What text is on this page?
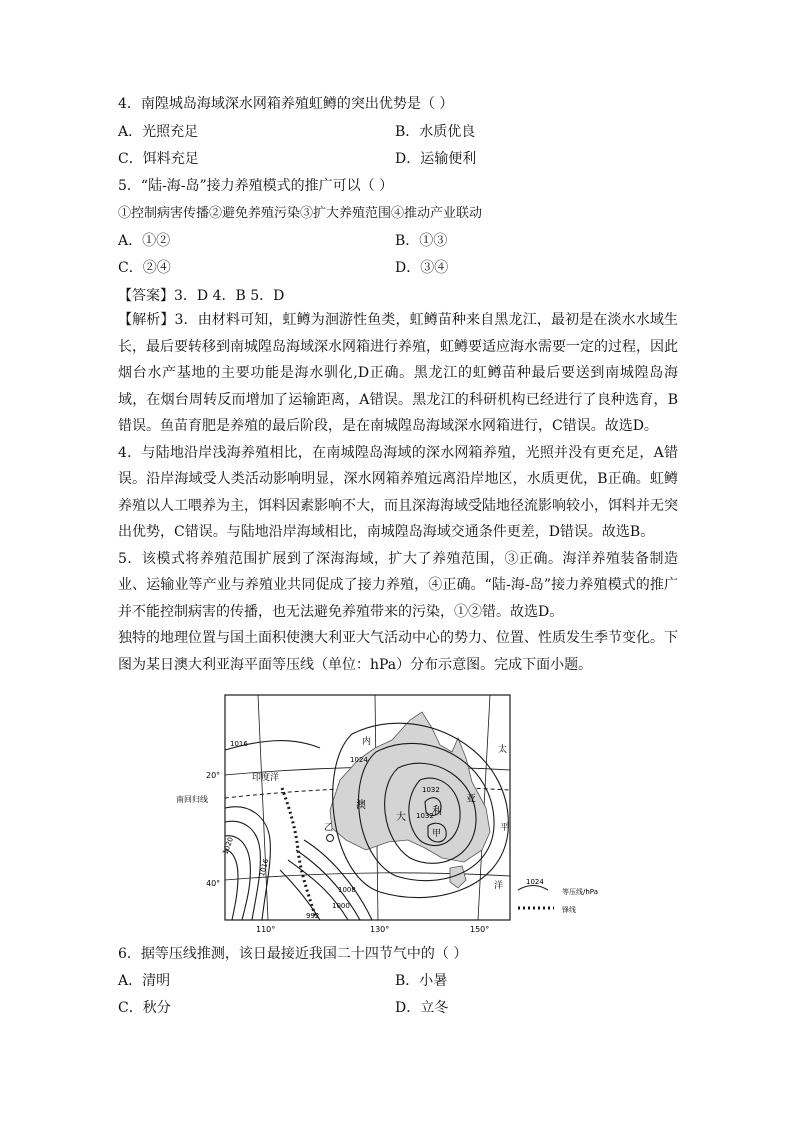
4．南隍城岛海域深水网箱养殖虹鳟的突出优势是（ ）
A．光照充足	B．水质优良
C．饵料充足	D．运输便利
5．“陆-海-岛”接力养殖模式的推广可以（ ）
①控制病害传播②避免养殖污染③扩大养殖范围④推动产业联动
A．①②	B．①③
C．②④	D．③④
【答案】3．D 4．B 5．D

【解析】3．由材料可知，虹鳟为洄游性鱼类，虹鳟苗种来自黑龙江，最初是在淡水水域生长，最后要转移到南城隍岛海域深水网箱进行养殖，虹鳟要适应海水需要一定的过程，因此烟台水产基地的主要功能是海水驯化,D正确。黑龙江的虹鳟苗种最后要送到南城隍岛海域，在烟台周转反而增加了运输距离，A错误。黑龙江的科研机构已经进行了良种选育，B错误。鱼苗育肥是养殖的最后阶段，是在南城隍岛海域深水网箱进行，C错误。故选D。

4．与陆地沿岸浅海养殖相比，在南城隍岛海域的深水网箱养殖，光照并没有更充足，A错误。沿岸海域受人类活动影响明显，深水网箱养殖远离沿岸地区，水质更优，B正确。虹鳟养殖以人工喂养为主，饵料因素影响不大，而且深海海域受陆地径流影响较小，饵料并无突出优势，C错误。与陆地沿岸海域相比，南城隍岛海域交通条件更差，D错误。故选B。

5．该模式将养殖范围扩展到了深海海域，扩大了养殖范围，③正确。海洋养殖装备制造业、运输业等产业与养殖业共同促成了接力养殖，④正确。“陆-海-岛”接力养殖模式的推广并不能控制病害的传播，也无法避免养殖带来的污染，①②错。故选D。

独特的地理位置与国土面积使澳大利亚大气活动中心的势力、位置、性质发生季节变化。下图为某日澳大利亚海平面等压线（单位：hPa）分布示意图。完成下面小题。

20°
南回归线
40°
110°	130°	150°
印度洋
太
平
洋
内
澳
大
利
亚
乙
甲
1016
1024
1032
1032
1020
1016
1008
1000
992
1024
等压线/hPa
锋线
6．据等压线推测，该日最接近我国二十四节气中的（ ）
A．清明	B．小暑
C．秋分	D．立冬
